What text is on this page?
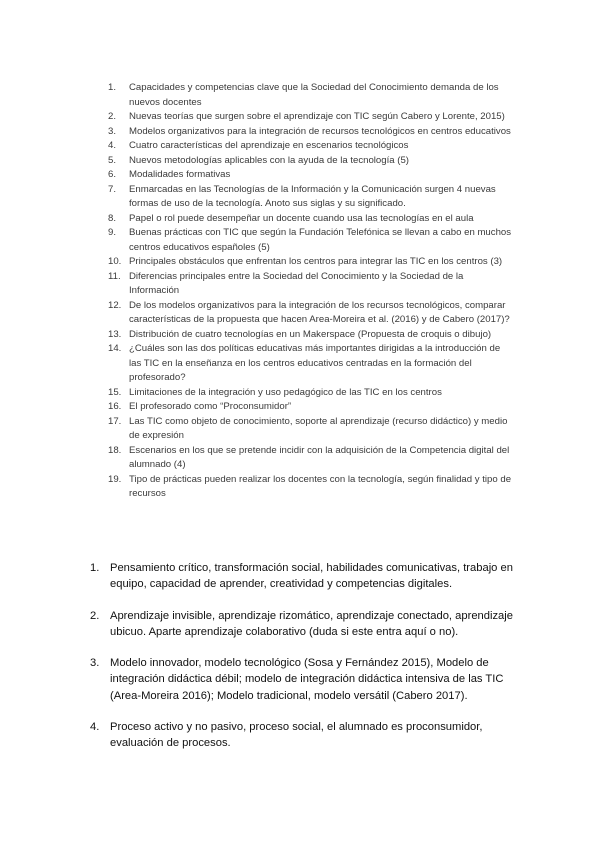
1.	Capacidades y competencias clave que la Sociedad del Conocimiento demanda de los nuevos docentes
2.	Nuevas teorías que surgen sobre el aprendizaje con TIC según Cabero y Lorente, 2015)
3.	Modelos organizativos para la integración de recursos tecnológicos en centros educativos
4.	Cuatro características del aprendizaje en escenarios tecnológicos
5.	Nuevos metodologías aplicables con la ayuda de la tecnología (5)
6.	Modalidades formativas
7.	Enmarcadas en las Tecnologías de la Información y la Comunicación surgen 4 nuevas formas de uso de la tecnología. Anoto sus siglas y su significado.
8.	Papel o rol puede desempeñar un docente cuando usa las tecnologías en el aula
9.	Buenas prácticas con TIC que según la Fundación Telefónica se llevan a cabo en muchos centros educativos españoles (5)
10. Principales obstáculos que enfrentan los centros para integrar las TIC en los centros (3)
11. Diferencias principales entre la Sociedad del Conocimiento y la Sociedad de la Información
12. De los modelos organizativos para la integración de los recursos tecnológicos, comparar características de la propuesta que hacen Area-Moreira et al. (2016) y de Cabero (2017)?
13. Distribución de cuatro tecnologías en un Makerspace (Propuesta de croquis o dibujo)
14. ¿Cuáles son las dos políticas educativas más importantes dirigidas a la introducción de las TIC en la enseñanza en los centros educativos centradas en la formación del profesorado?
15. Limitaciones de la integración y uso pedagógico de las TIC en los centros
16. El profesorado como “Proconsumidor”
17. Las TIC como objeto de conocimiento, soporte al aprendizaje (recurso didáctico) y medio de expresión
18. Escenarios en los que se pretende incidir con la adquisición de la Competencia digital del alumnado (4)
19. Tipo de prácticas pueden realizar los docentes con la tecnología, según finalidad y tipo de recursos
1. Pensamiento crítico, transformación social, habilidades comunicativas, trabajo en equipo, capacidad de aprender, creatividad y competencias digitales.
2. Aprendizaje invisible, aprendizaje rizomático, aprendizaje conectado, aprendizaje ubicuo. Aparte aprendizaje colaborativo (duda si este entra aquí o no).
3. Modelo innovador, modelo tecnológico (Sosa y Fernández 2015), Modelo de integración didáctica débil; modelo de integración didáctica intensiva de las TIC (Area-Moreira 2016); Modelo tradicional, modelo versátil (Cabero 2017).
4. Proceso activo y no pasivo, proceso social, el alumnado es proconsumidor, evaluación de procesos.
